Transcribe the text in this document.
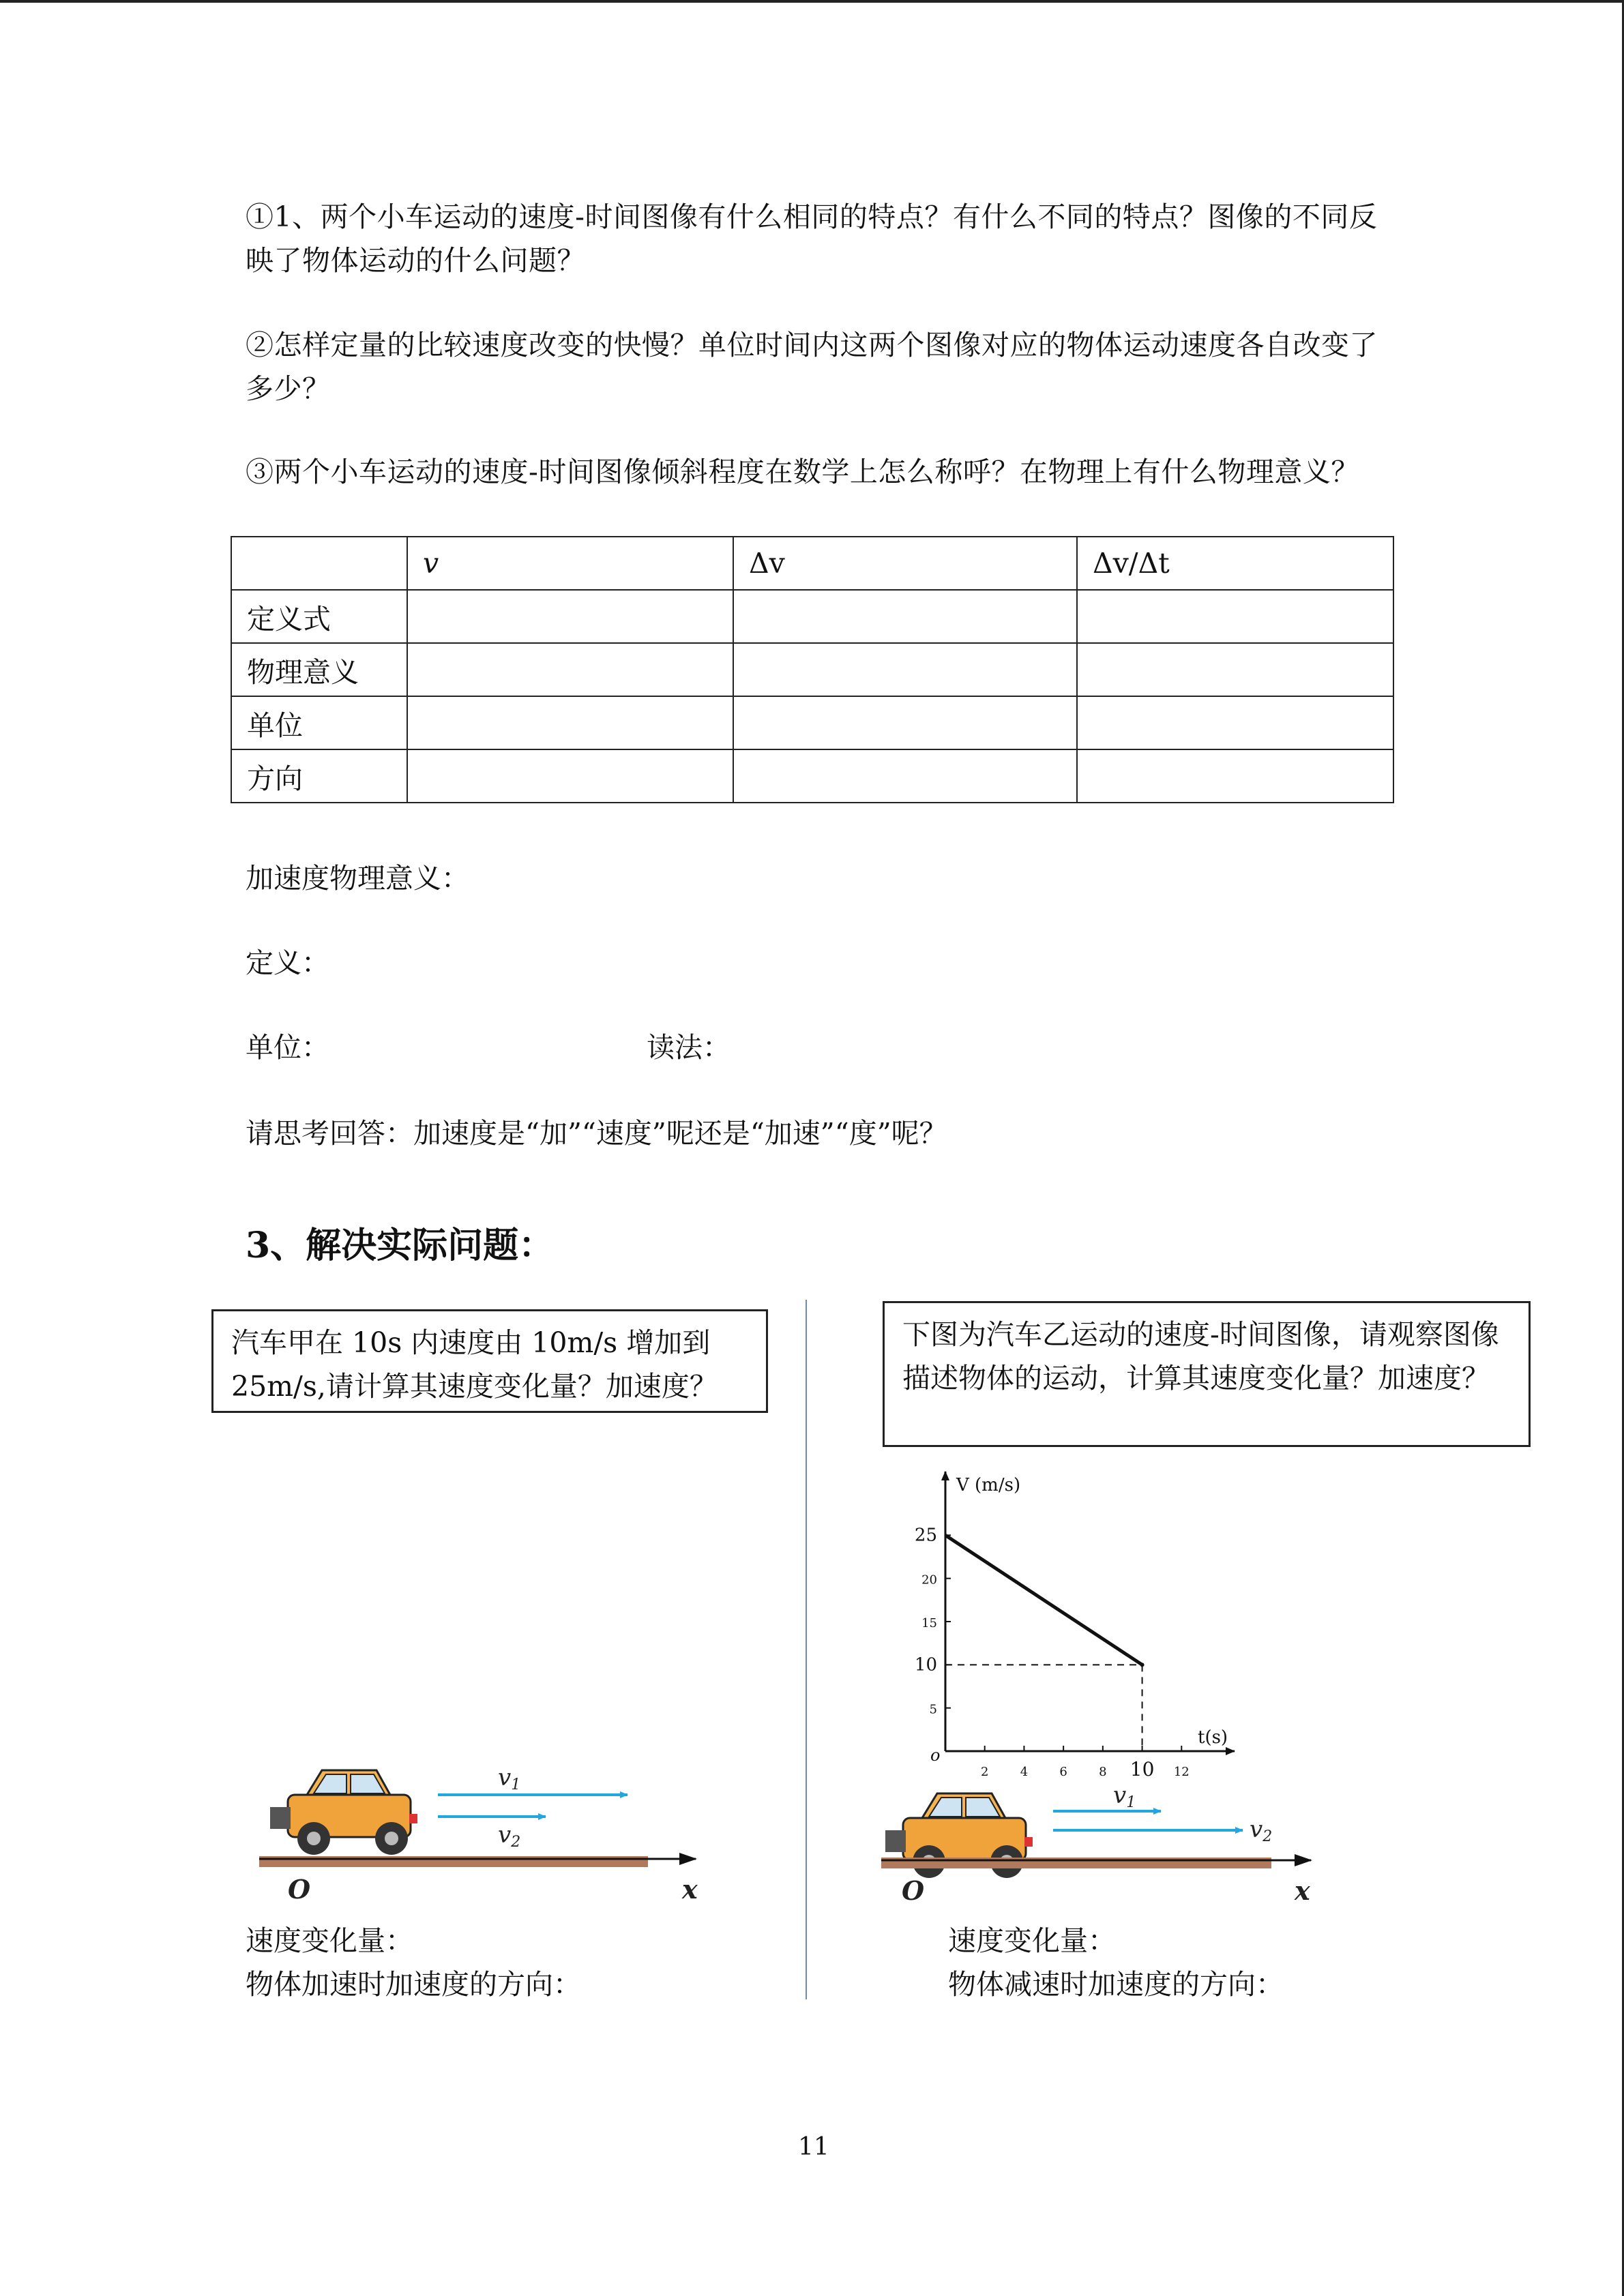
①1、两个小车运动的速度-时间图像有什么相同的特点？有什么不同的特点？图像的不同反映了物体运动的什么问题？
②怎样定量的比较速度改变的快慢？单位时间内这两个图像对应的物体运动速度各自改变了多少？
③两个小车运动的速度-时间图像倾斜程度在数学上怎么称呼？在物理上有什么物理意义？
	v	Δv	Δv/Δt
定义式			
物理意义			
单位			
方向			
加速度物理意义：
定义：
单位：	读法：
请思考回答：加速度是“加”“速度”呢还是“加速”“度”呢？
3、解决实际问题：
汽车甲在 10s 内速度由 10m/s 增加到 25m/s,请计算其速度变化量？加速度？
v1
v2
O	x
速度变化量：
物体加速时加速度的方向：
下图为汽车乙运动的速度-时间图像，请观察图像描述物体的运动，计算其速度变化量？加速度？
V (m/s)
t(s)
o
2	4	6	8 10 12
5
10
15
20
25
v1
v2
O	x
速度变化量：
物体减速时加速度的方向：
11
